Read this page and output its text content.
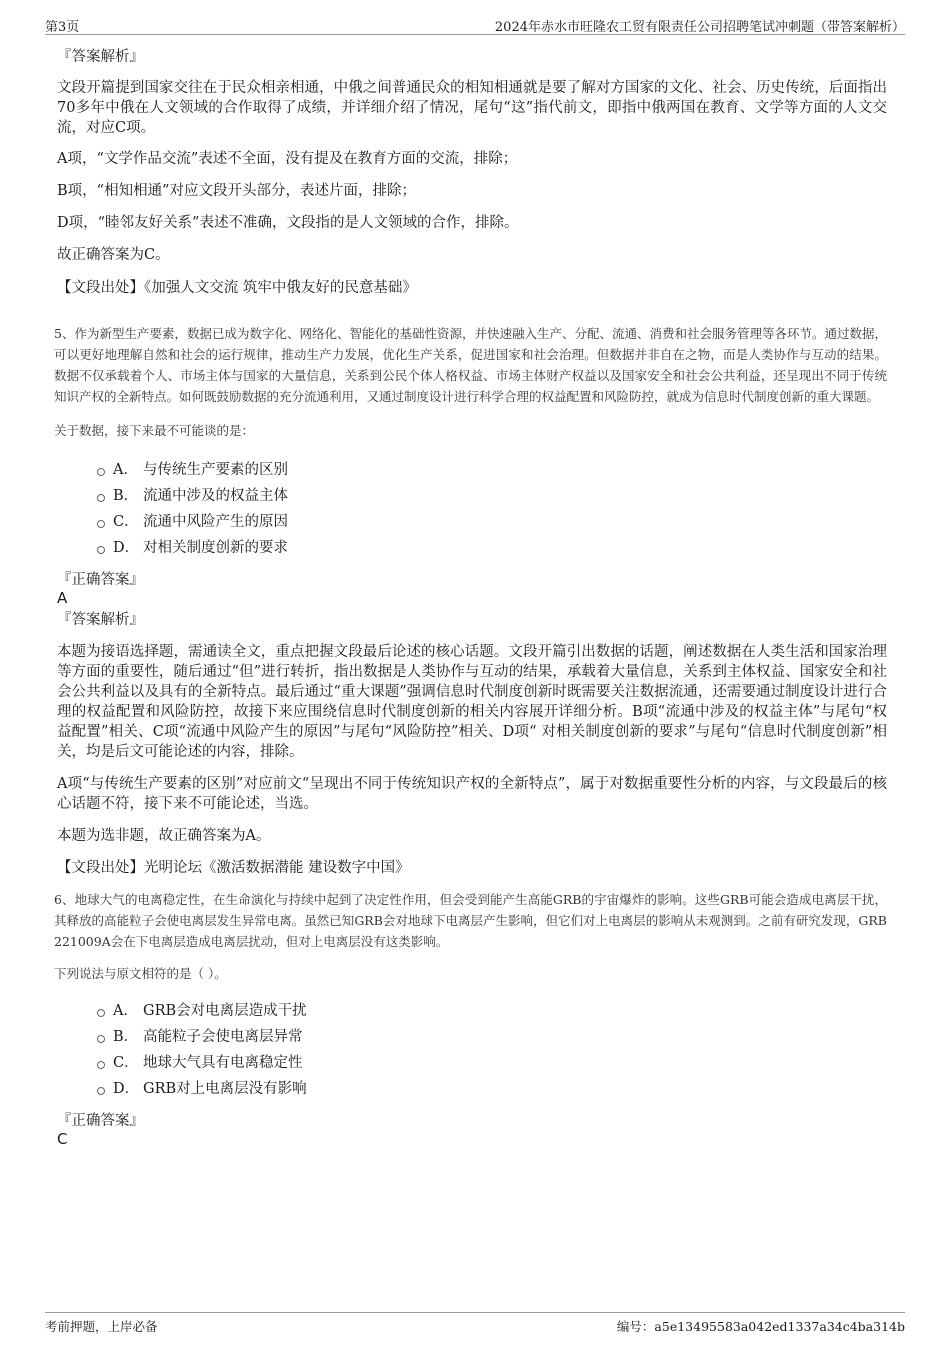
第3页	2024年赤水市旺隆农工贸有限责任公司招聘笔试冲刺题（带答案解析）

『答案解析』

文段开篇提到国家交往在于民众相亲相通，中俄之间普通民众的相知相通就是要了解对方国家的文化、社会、历史传统，后面指出70多年中俄在人文领域的合作取得了成绩，并详细介绍了情况，尾句“这”指代前文，即指中俄两国在教育、文学等方面的人文交流，对应C项。

A项，“文学作品交流”表述不全面，没有提及在教育方面的交流，排除；

B项，“相知相通”对应文段开头部分，表述片面，排除；

D项，“睦邻友好关系”表述不准确，文段指的是人文领域的合作，排除。

故正确答案为C。

【文段出处】《加强人文交流 筑牢中俄友好的民意基础》

5、作为新型生产要素，数据已成为数字化、网络化、智能化的基础性资源，并快速融入生产、分配、流通、消费和社会服务管理等各环节。通过数据，可以更好地理解自然和社会的运行规律，推动生产力发展，优化生产关系，促进国家和社会治理。但数据并非自在之物，而是人类协作与互动的结果。数据不仅承载着个人、市场主体与国家的大量信息，关系到公民个体人格权益、市场主体财产权益以及国家安全和社会公共利益，还呈现出不同于传统知识产权的全新特点。如何既鼓励数据的充分流通利用，又通过制度设计进行科学合理的权益配置和风险防控，就成为信息时代制度创新的重大课题。

关于数据，接下来最不可能谈的是：

A． 与传统生产要素的区别
B． 流通中涉及的权益主体
C． 流通中风险产生的原因
D． 对相关制度创新的要求

『正确答案』

A

『答案解析』

本题为接语选择题，需通读全文，重点把握文段最后论述的核心话题。文段开篇引出数据的话题，阐述数据在人类生活和国家治理等方面的重要性，随后通过“但”进行转折，指出数据是人类协作与互动的结果，承载着大量信息，关系到主体权益、国家安全和社会公共利益以及具有的全新特点。最后通过“重大课题”强调信息时代制度创新时既需要关注数据流通，还需要通过制度设计进行合理的权益配置和风险防控，故接下来应围绕信息时代制度创新的相关内容展开详细分析。B项“流通中涉及的权益主体”与尾句“权益配置”相关、C项“流通中风险产生的原因”与尾句“风险防控”相关、D项“ 对相关制度创新的要求”与尾句“信息时代制度创新”相关，均是后文可能论述的内容，排除。

A项“与传统生产要素的区别”对应前文“呈现出不同于传统知识产权的全新特点”，属于对数据重要性分析的内容，与文段最后的核心话题不符，接下来不可能论述，当选。

本题为选非题，故正确答案为A。

【文段出处】光明论坛《激活数据潜能 建设数字中国》

6、地球大气的电离稳定性，在生命演化与持续中起到了决定性作用，但会受到能产生高能GRB的宇宙爆炸的影响。这些GRB可能会造成电离层干扰，其释放的高能粒子会使电离层发生异常电离。虽然已知GRB会对地球下电离层产生影响，但它们对上电离层的影响从未观测到。之前有研究发现，GRB 221009A会在下电离层造成电离层扰动，但对上电离层没有这类影响。

下列说法与原文相符的是（ ）。

A． GRB会对电离层造成干扰
B． 高能粒子会使电离层异常
C． 地球大气具有电离稳定性
D． GRB对上电离层没有影响

『正确答案』

C

考前押题，上岸必备	编号：a5e13495583a042ed1337a34c4ba314b
